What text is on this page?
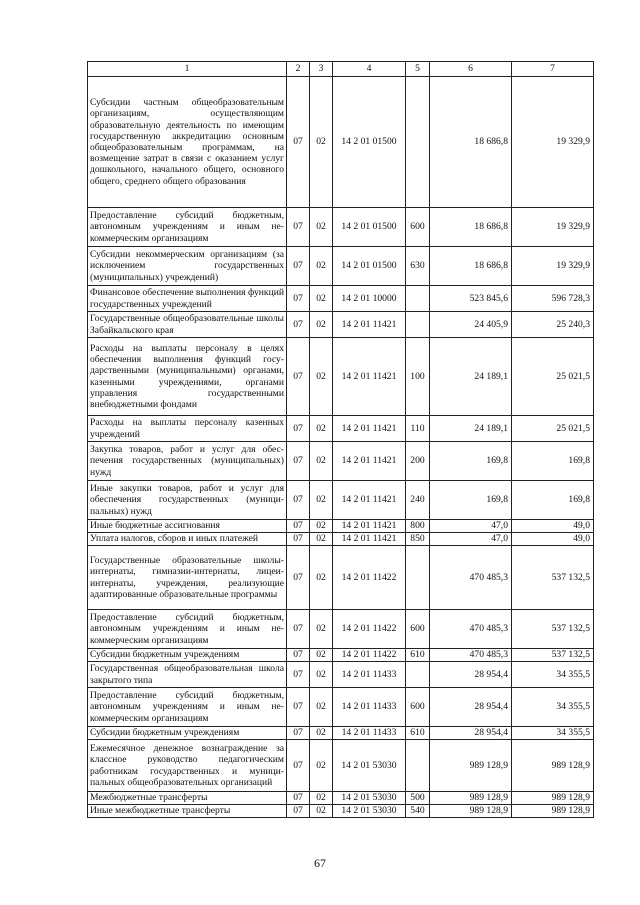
1	2	3	4	5	6	7
Субсидии частным общеобразовательным организациям, осуществляющим образовательную деятельность по имеющим государственную аккредитацию основным общеобразовательным программам, на возмещение затрат в связи с оказанием услуг дошкольного, начального общего, основного общего, среднего общего образования	07	02	14 2 01 01500		18 686,8	19 329,9
Предоставление субсидий бюджетным, автономным учреждениям и иным некоммерческим организациям	07	02	14 2 01 01500	600	18 686,8	19 329,9
Субсидии некоммерческим организациям (за исключением государственных (муниципальных) учреждений)	07	02	14 2 01 01500	630	18 686,8	19 329,9
Финансовое обеспечение выполнения функций государственных учреждений	07	02	14 2 01 10000		523 845,6	596 728,3
Государственные общеобразовательные школы Забайкальского края	07	02	14 2 01 11421		24 405,9	25 240,3
Расходы на выплаты персоналу в целях обеспечения выполнения функций государственными (муниципальными) органами, казенными учреждениями, органами управления государственными внебюджетными фондами	07	02	14 2 01 11421	100	24 189,1	25 021,5
Расходы на выплаты персоналу казенных учреждений	07	02	14 2 01 11421	110	24 189,1	25 021,5
Закупка товаров, работ и услуг для обеспечения государственных (муниципальных) нужд	07	02	14 2 01 11421	200	169,8	169,8
Иные закупки товаров, работ и услуг для обеспечения государственных (муниципальных) нужд	07	02	14 2 01 11421	240	169,8	169,8
Иные бюджетные ассигнования	07	02	14 2 01 11421	800	47,0	49,0
Уплата налогов, сборов и иных платежей	07	02	14 2 01 11421	850	47,0	49,0
Государственные образовательные школы-интернаты, гимназии-интернаты, лицеи-интернаты, учреждения, реализующие адаптированные образовательные программы	07	02	14 2 01 11422		470 485,3	537 132,5
Предоставление субсидий бюджетным, автономным учреждениям и иным некоммерческим организациям	07	02	14 2 01 11422	600	470 485,3	537 132,5
Субсидии бюджетным учреждениям	07	02	14 2 01 11422	610	470 485,3	537 132,5
Государственная общеобразовательная школа закрытого типа	07	02	14 2 01 11433		28 954,4	34 355,5
Предоставление субсидий бюджетным, автономным учреждениям и иным некоммерческим организациям	07	02	14 2 01 11433	600	28 954,4	34 355,5
Субсидии бюджетным учреждениям	07	02	14 2 01 11433	610	28 954,4	34 355,5
Ежемесячное денежное вознаграждение за классное руководство педагогическим работникам государственных и муниципальных общеобразовательных организаций	07	02	14 2 01 53030		989 128,9	989 128,9
Межбюджетные трансферты	07	02	14 2 01 53030	500	989 128,9	989 128,9
Иные межбюджетные трансферты	07	02	14 2 01 53030	540	989 128,9	989 128,9
67
